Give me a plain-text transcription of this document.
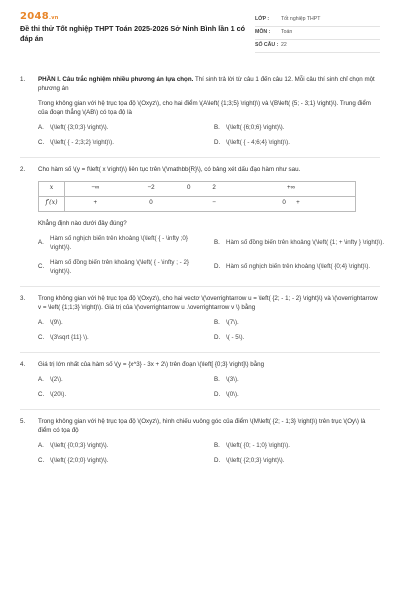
2048.vn
Đề thi thử Tốt nghiệp THPT Toán 2025-2026 Sở Ninh Bình lần 1 có đáp án
LỚP :	Tốt nghiệp THPT
MÔN :	Toán
SỐ CÂU : 22
1. PHẦN I. Câu trắc nghiệm nhiều phương án lựa chọn. Thí sinh trả lời từ câu 1 đến câu 12. Mỗi câu thí sinh chỉ chọn một phương án
Trong không gian với hệ trục tọa độ \(Oxyz\), cho hai điểm \(A\left( {1;3;5} \right)\) và \(B\left( {5; - 3;1} \right)\). Trung điểm của đoạn thẳng \(AB\) có tọa độ là
A. \(\left( {3;0;3} \right)\).	B. \(\left( {6;0;6} \right)\).
C. \(\left( { - 2;3;2} \right)\).	D. \(\left( { - 4;6;4} \right)\).
2. Cho hàm số \(y = f\left( x \right)\) liên tục trên \(\mathbb{R}\), có bảng xét dấu đạo hàm như sau.
x	−∞	−2	0	2	+∞
f′(x)	+	0		−	0 +
Khẳng định nào dưới đây đúng?
A.
Hàm số nghịch biến trên khoảng \(\left( { - \infty ;0} \right)\).
B. Hàm số đồng biến trên khoảng \(\left( {1; + \infty } \right)\).
C.
Hàm số đồng biến trên khoảng \(\left( { - \infty ; - 2} \right)\).
D. Hàm số nghịch biến trên khoảng \(\left( {0;4} \right)\).
3. Trong không gian với hệ trục tọa độ \(Oxyz\), cho hai vectơ \(\overrightarrow u = \left( {2; - 1; - 2} \right)\) và \(\overrightarrow v = \left( {1;1;3} \right)\). Giá trị của \(\overrightarrow u .\overrightarrow v \) bằng
A. \(9\).	B. \(7\).
C. \(3\sqrt {11} \).	D. \( - 5\).
4. Giá trị lớn nhất của hàm số \(y = {x^3} - 3x + 2\) trên đoạn \(\left[ {0;3} \right]\) bằng
A. \(2\).	B. \(3\).
C. \(20\).	D. \(0\).
5. Trong không gian với hệ trục tọa độ \(Oxyz\), hình chiếu vuông góc của điểm \(M\left( {2; - 1;3} \right)\) trên trục \(Oy\) là điểm có tọa độ
A. \(\left( {0;0;3} \right)\).	B. \(\left( {0; - 1;0} \right)\).
C. \(\left( {2;0;0} \right)\).	D. \(\left( {2;0;3} \right)\).
